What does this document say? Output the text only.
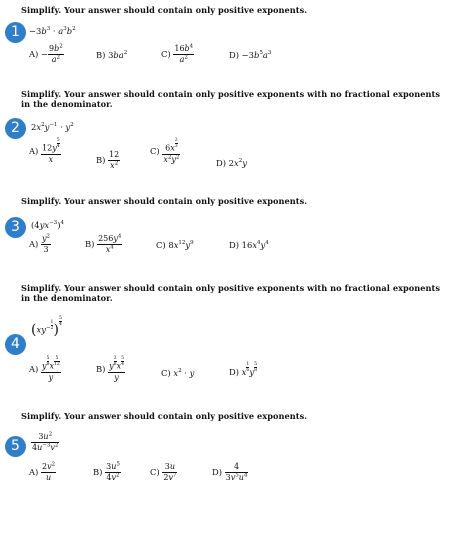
Simplify. Your answer should contain only positive exponents.
1	$-3b^3 \cdot a^3b^2$
$A) - \frac{9b^2}{a^2}$	B) $3ba^2$	$C) \frac{16b^4}{a^2}$	$D) -3b^5a^3$
Simplify. Your answer should contain only positive exponents with no fractional exponents in the denominator.
2	$2x^2y^{-1} \cdot y^2$
$A) \frac{12y \frac{5}{4}}{x}$	$B) \frac{12}{x^2}$	$C) \frac{6x \frac{2}{3}}{x^2y^2}$	D) $2x^2y$
Simplify. Your answer should contain only positive exponents.
3	$(4yx^{-3})^4$
$A) \frac{y^2}{3}$	$B) \frac{256y^4}{x^4}$	C) $8x^{12}y^9$	D) $16x^4y^4$
Simplify. Your answer should contain only positive exponents with no fractional exponents in the denominator.
4
($xy^- \frac{1}{2}$ )
$\frac{5}{4}$
$A) \frac{y \frac{5}{8} x \frac{5}{12}}{y}$	$B) \frac{y \frac{3}{8} x \frac{5}{4}}{y}$	C) $x^2 \cdot y$	D) x $\frac{1}{6}$ y $\frac{5}{8}$
Simplify. Your answer should contain only positive exponents.
5	$\frac{3u^2}{4u^{-3}v^2}$
$A) \frac{2v^2}{u}$	$B) \frac{3u^5}{4v^2}$	$C) \frac{3u}{2v^7}$	$D) \frac{4}{3v^5u^4}$
